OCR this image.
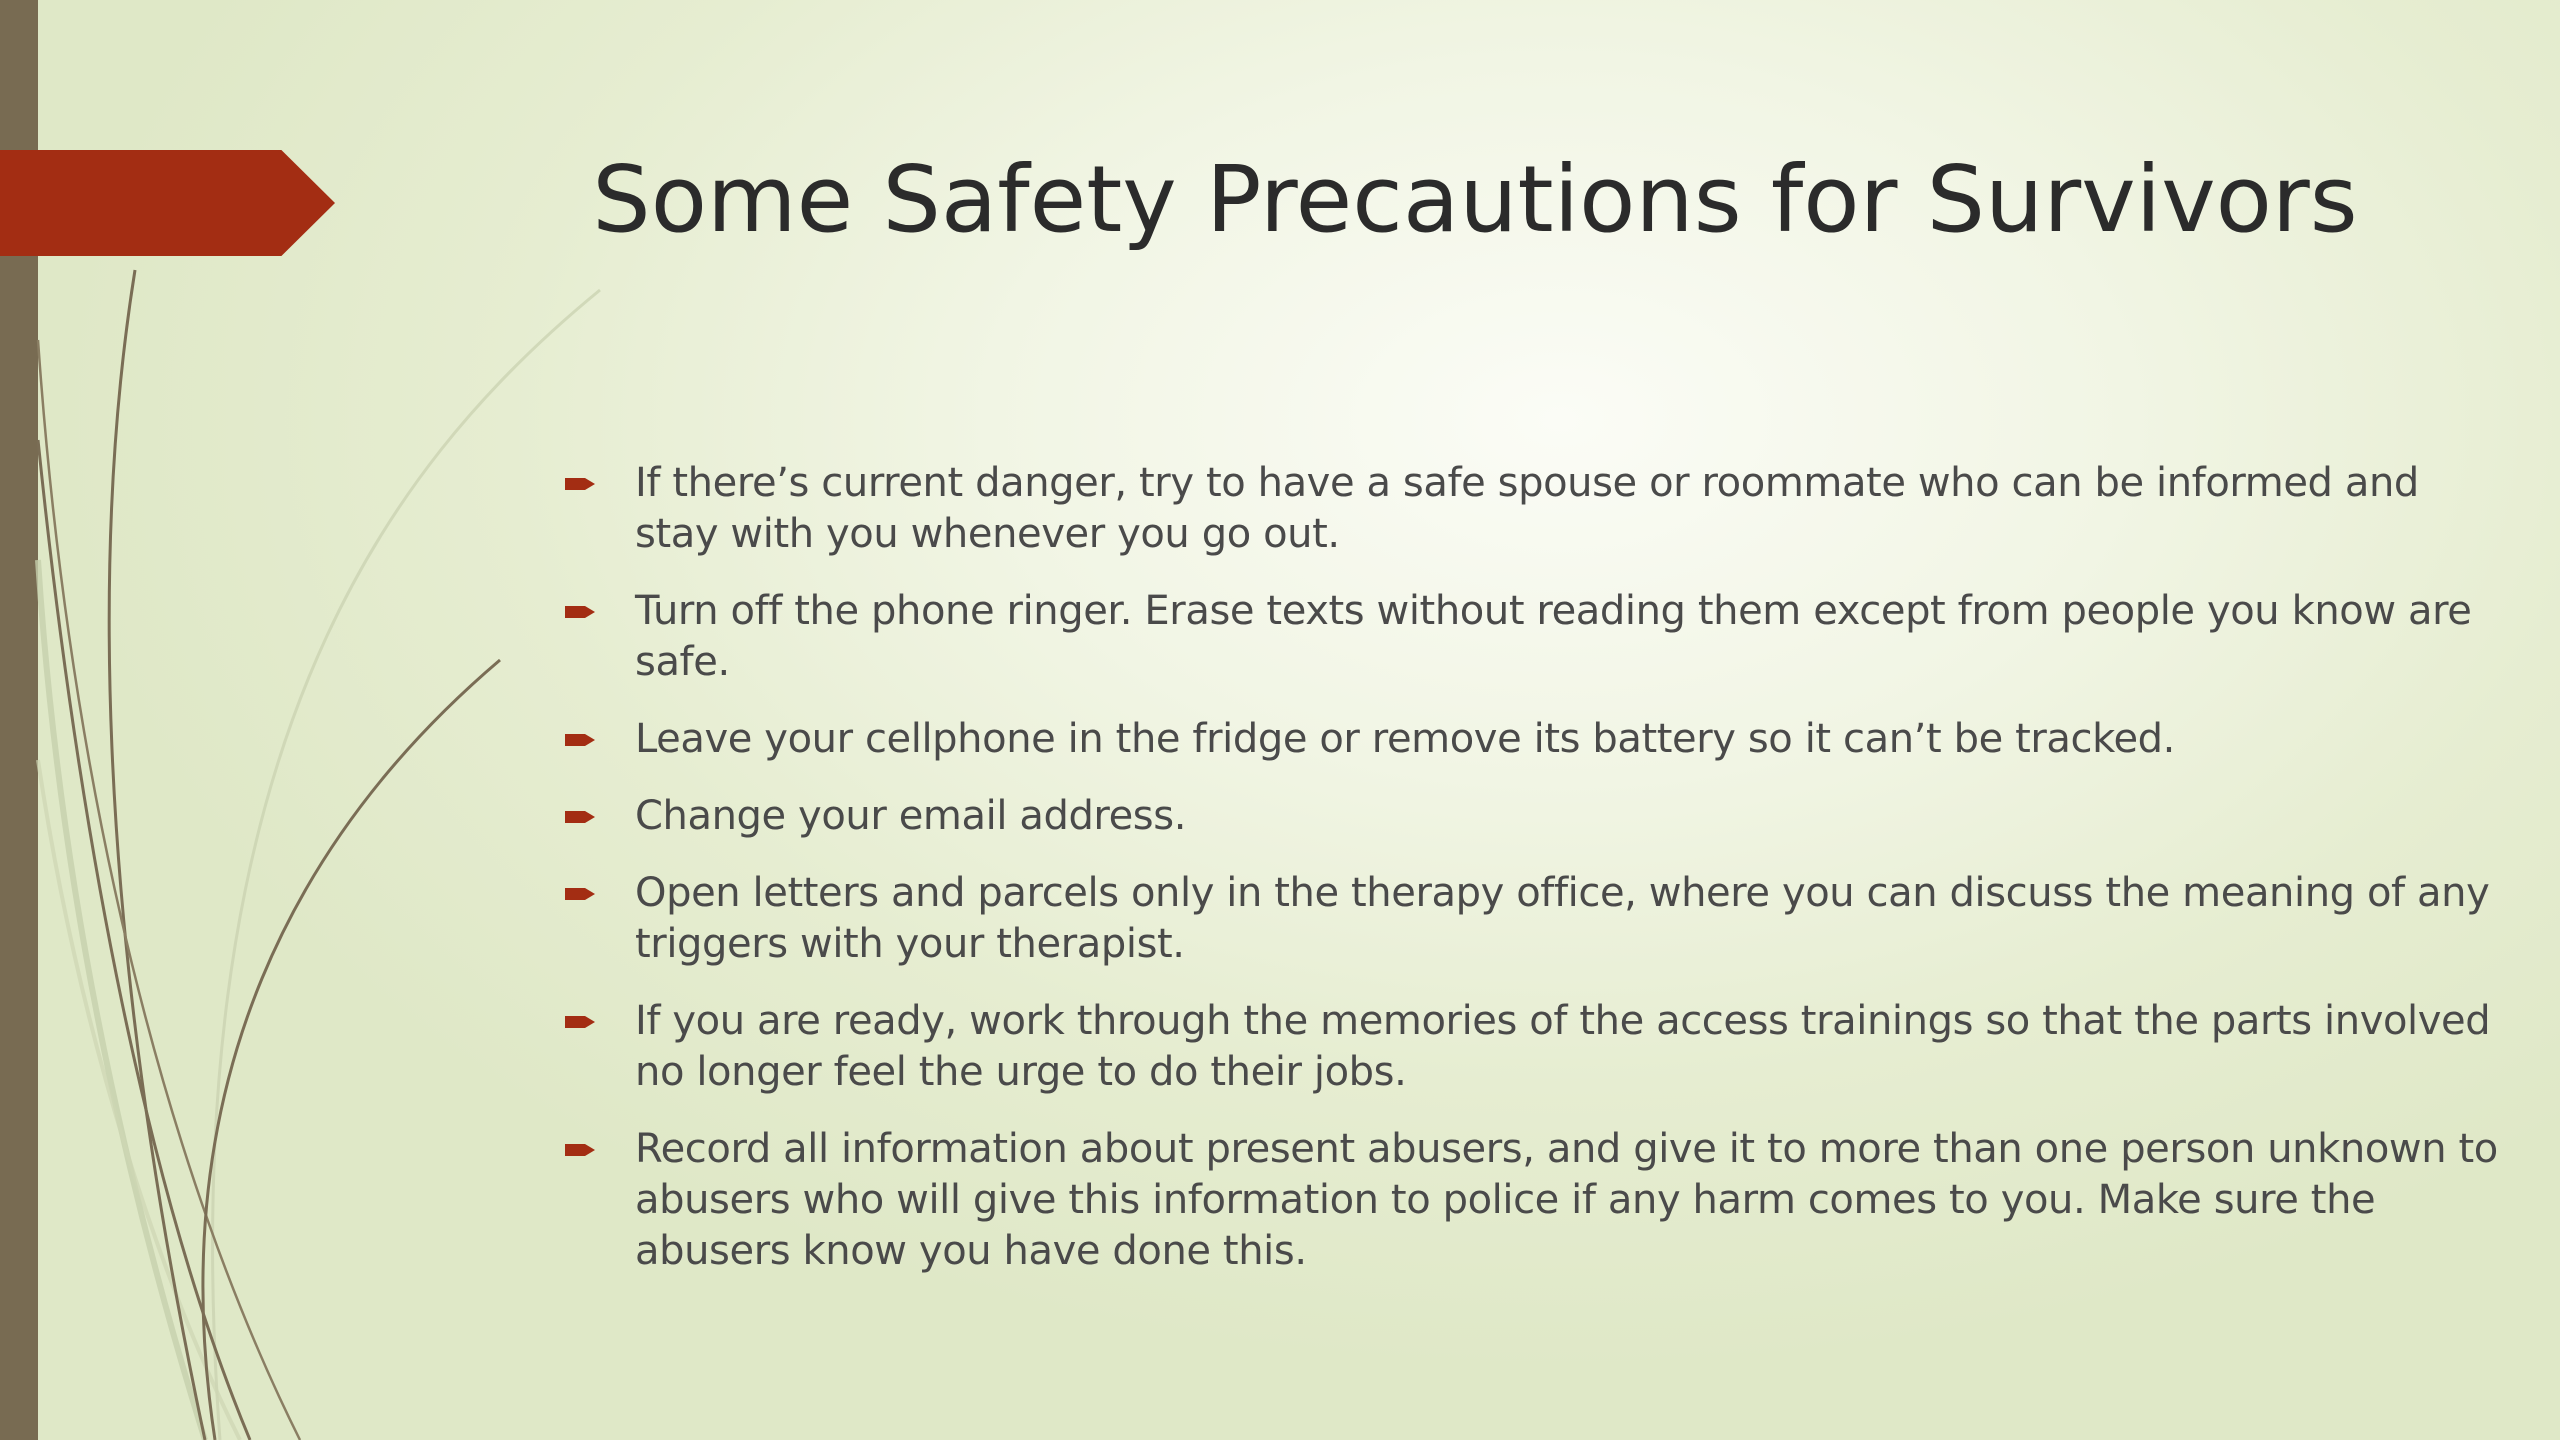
Some Safety Precautions for Survivors
If there’s current danger, try to have a safe spouse or roommate who can be informed and stay with you whenever you go out.
Turn off the phone ringer. Erase texts without reading them except from people you know are safe.
Leave your cellphone in the fridge or remove its battery so it can’t be tracked.
Change your email address.
Open letters and parcels only in the therapy office, where you can discuss the meaning of any triggers with your therapist.
If you are ready, work through the memories of the access trainings so that the parts involved no longer feel the urge to do their jobs.
Record all information about present abusers, and give it to more than one person unknown to abusers who will give this information to police if any harm comes to you. Make sure the abusers know you have done this.
